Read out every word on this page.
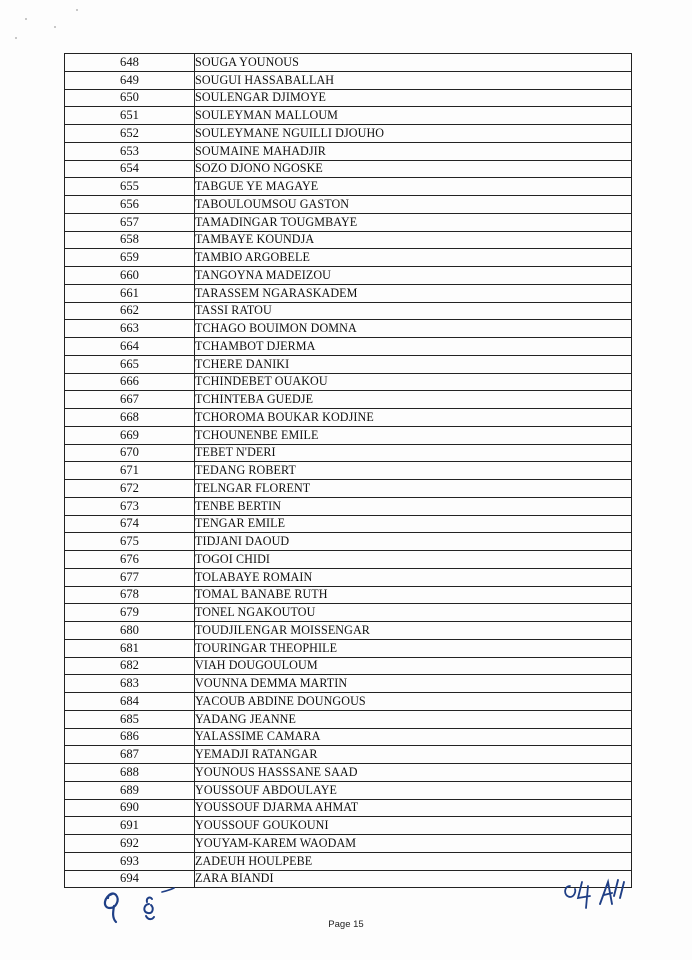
648	SOUGA YOUNOUS
649	SOUGUI HASSABALLAH
650	SOULENGAR DJIMOYE
651	SOULEYMAN MALLOUM
652	SOULEYMANE NGUILLI DJOUHO
653	SOUMAINE MAHADJIR
654	SOZO DJONO NGOSKE
655	TABGUE YE MAGAYE
656	TABOULOUMSOU GASTON
657	TAMADINGAR TOUGMBAYE
658	TAMBAYE KOUNDJA
659	TAMBIO ARGOBELE
660	TANGOYNA MADEIZOU
661	TARASSEM NGARASKADEM
662	TASSI RATOU
663	TCHAGO BOUIMON DOMNA
664	TCHAMBOT DJERMA
665	TCHERE DANIKI
666	TCHINDEBET OUAKOU
667	TCHINTEBA GUEDJE
668	TCHOROMA BOUKAR KODJINE
669	TCHOUNENBE EMILE
670	TEBET N'DERI
671	TEDANG ROBERT
672	TELNGAR FLORENT
673	TENBE BERTIN
674	TENGAR EMILE
675	TIDJANI DAOUD
676	TOGOI CHIDI
677	TOLABAYE ROMAIN
678	TOMAL BANABE RUTH
679	TONEL NGAKOUTOU
680	TOUDJILENGAR MOISSENGAR
681	TOURINGAR THEOPHILE
682	VIAH DOUGOULOUM
683	VOUNNA DEMMA MARTIN
684	YACOUB ABDINE DOUNGOUS
685	YADANG JEANNE
686	YALASSIME CAMARA
687	YEMADJI RATANGAR
688	YOUNOUS HASSSANE SAAD
689	YOUSSOUF ABDOULAYE
690	YOUSSOUF DJARMA AHMAT
691	YOUSSOUF GOUKOUNI
692	YOUYAM-KAREM WAODAM
693	ZADEUH HOULPEBE
694	ZARA BIANDI
Page 15
